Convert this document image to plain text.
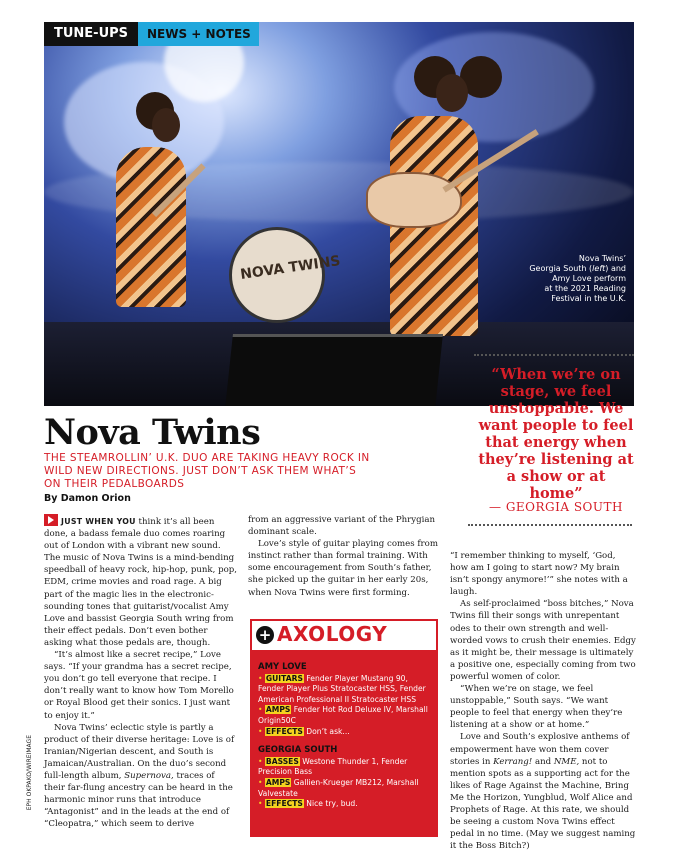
NOVA TWINS	Nova Twins’
Georgia South (left) and
Amy Love perform
at the 2021 Reading
Festival in the U.K.
NEWS + NOTES
TUNE-UPS
“When we’re on stage, we feel unstoppable. We want people to feel that energy when they’re listening at a show or at home”
— GEORGIA SOUTH
Nova Twins
THE STEAMROLLIN’ U.K. DUO ARE TAKING HEAVY ROCK IN WILD NEW DIRECTIONS. JUST DON’T ASK THEM WHAT’S ON THEIR PEDALBOARDS
By Damon Orion

JUST WHEN YOU think it’s all been done, a badass female duo comes roaring out of London with a vibrant new sound. The music of Nova Twins is a mind-bending speedball of heavy rock, hip-hop, punk, pop, EDM, crime movies and road rage. A big part of the magic lies in the electronic-sounding tones that guitarist/vocalist Amy Love and bassist Georgia South wring from their effect pedals. Don’t even bother asking what those pedals are, though.

“It’s almost like a secret recipe,” Love says. “If your grandma has a secret recipe, you don’t go tell everyone that recipe. I don’t really want to know how Tom Morello or Royal Blood get their sonics. I just want to enjoy it.”

Nova Twins’ eclectic style is partly a product of their diverse heritage: Love is of Iranian/Nigerian descent, and South is Jamaican/Australian. On the duo’s second full-length album, Supernova, traces of their far-flung ancestry can be heard in the harmonic minor runs that introduce “Antagonist” and in the leads at the end of “Cleopatra,” which seem to derive

from an aggressive variant of the Phrygian dominant scale.

Love’s style of guitar playing comes from instinct rather than formal training. With some encouragement from South’s father, she picked up the guitar in her early 20s, when Nova Twins were first forming.

+ AXOLOGY
AMY LOVE
• GUITARS Fender Player Mustang 90, Fender Player Plus Stratocaster HSS, Fender American Professional II Stratocaster HSS
• AMPS Fender Hot Rod Deluxe IV, Marshall Origin50C
• EFFECTS Don’t ask...
GEORGIA SOUTH
• BASSES Westone Thunder 1, Fender Precision Bass
• AMPS Gallien-Krueger MB212, Marshall Valvestate
• EFFECTS Nice try, bud.

“I remember thinking to myself, ‘God, how am I going to start now? My brain isn’t spongy anymore!’” she notes with a laugh.

As self-proclaimed “boss bitches,” Nova Twins fill their songs with unrepentant odes to their own strength and well-worded vows to crush their enemies. Edgy as it might be, their message is ultimately a positive one, especially coming from two powerful women of color.

“When we’re on stage, we feel unstoppable,” South says. “We want people to feel that energy when they’re listening at a show or at home.”

Love and South’s explosive anthems of empowerment have won them cover stories in Kerrang! and NME, not to mention spots as a supporting act for the likes of Rage Against the Machine, Bring Me the Horizon, Yungblud, Wolf Alice and Prophets of Rage. At this rate, we should be seeing a custom Nova Twins effect pedal in no time. (May we suggest naming it the Boss Bitch?)

EPH OKPAKO/WIREIMAGE
